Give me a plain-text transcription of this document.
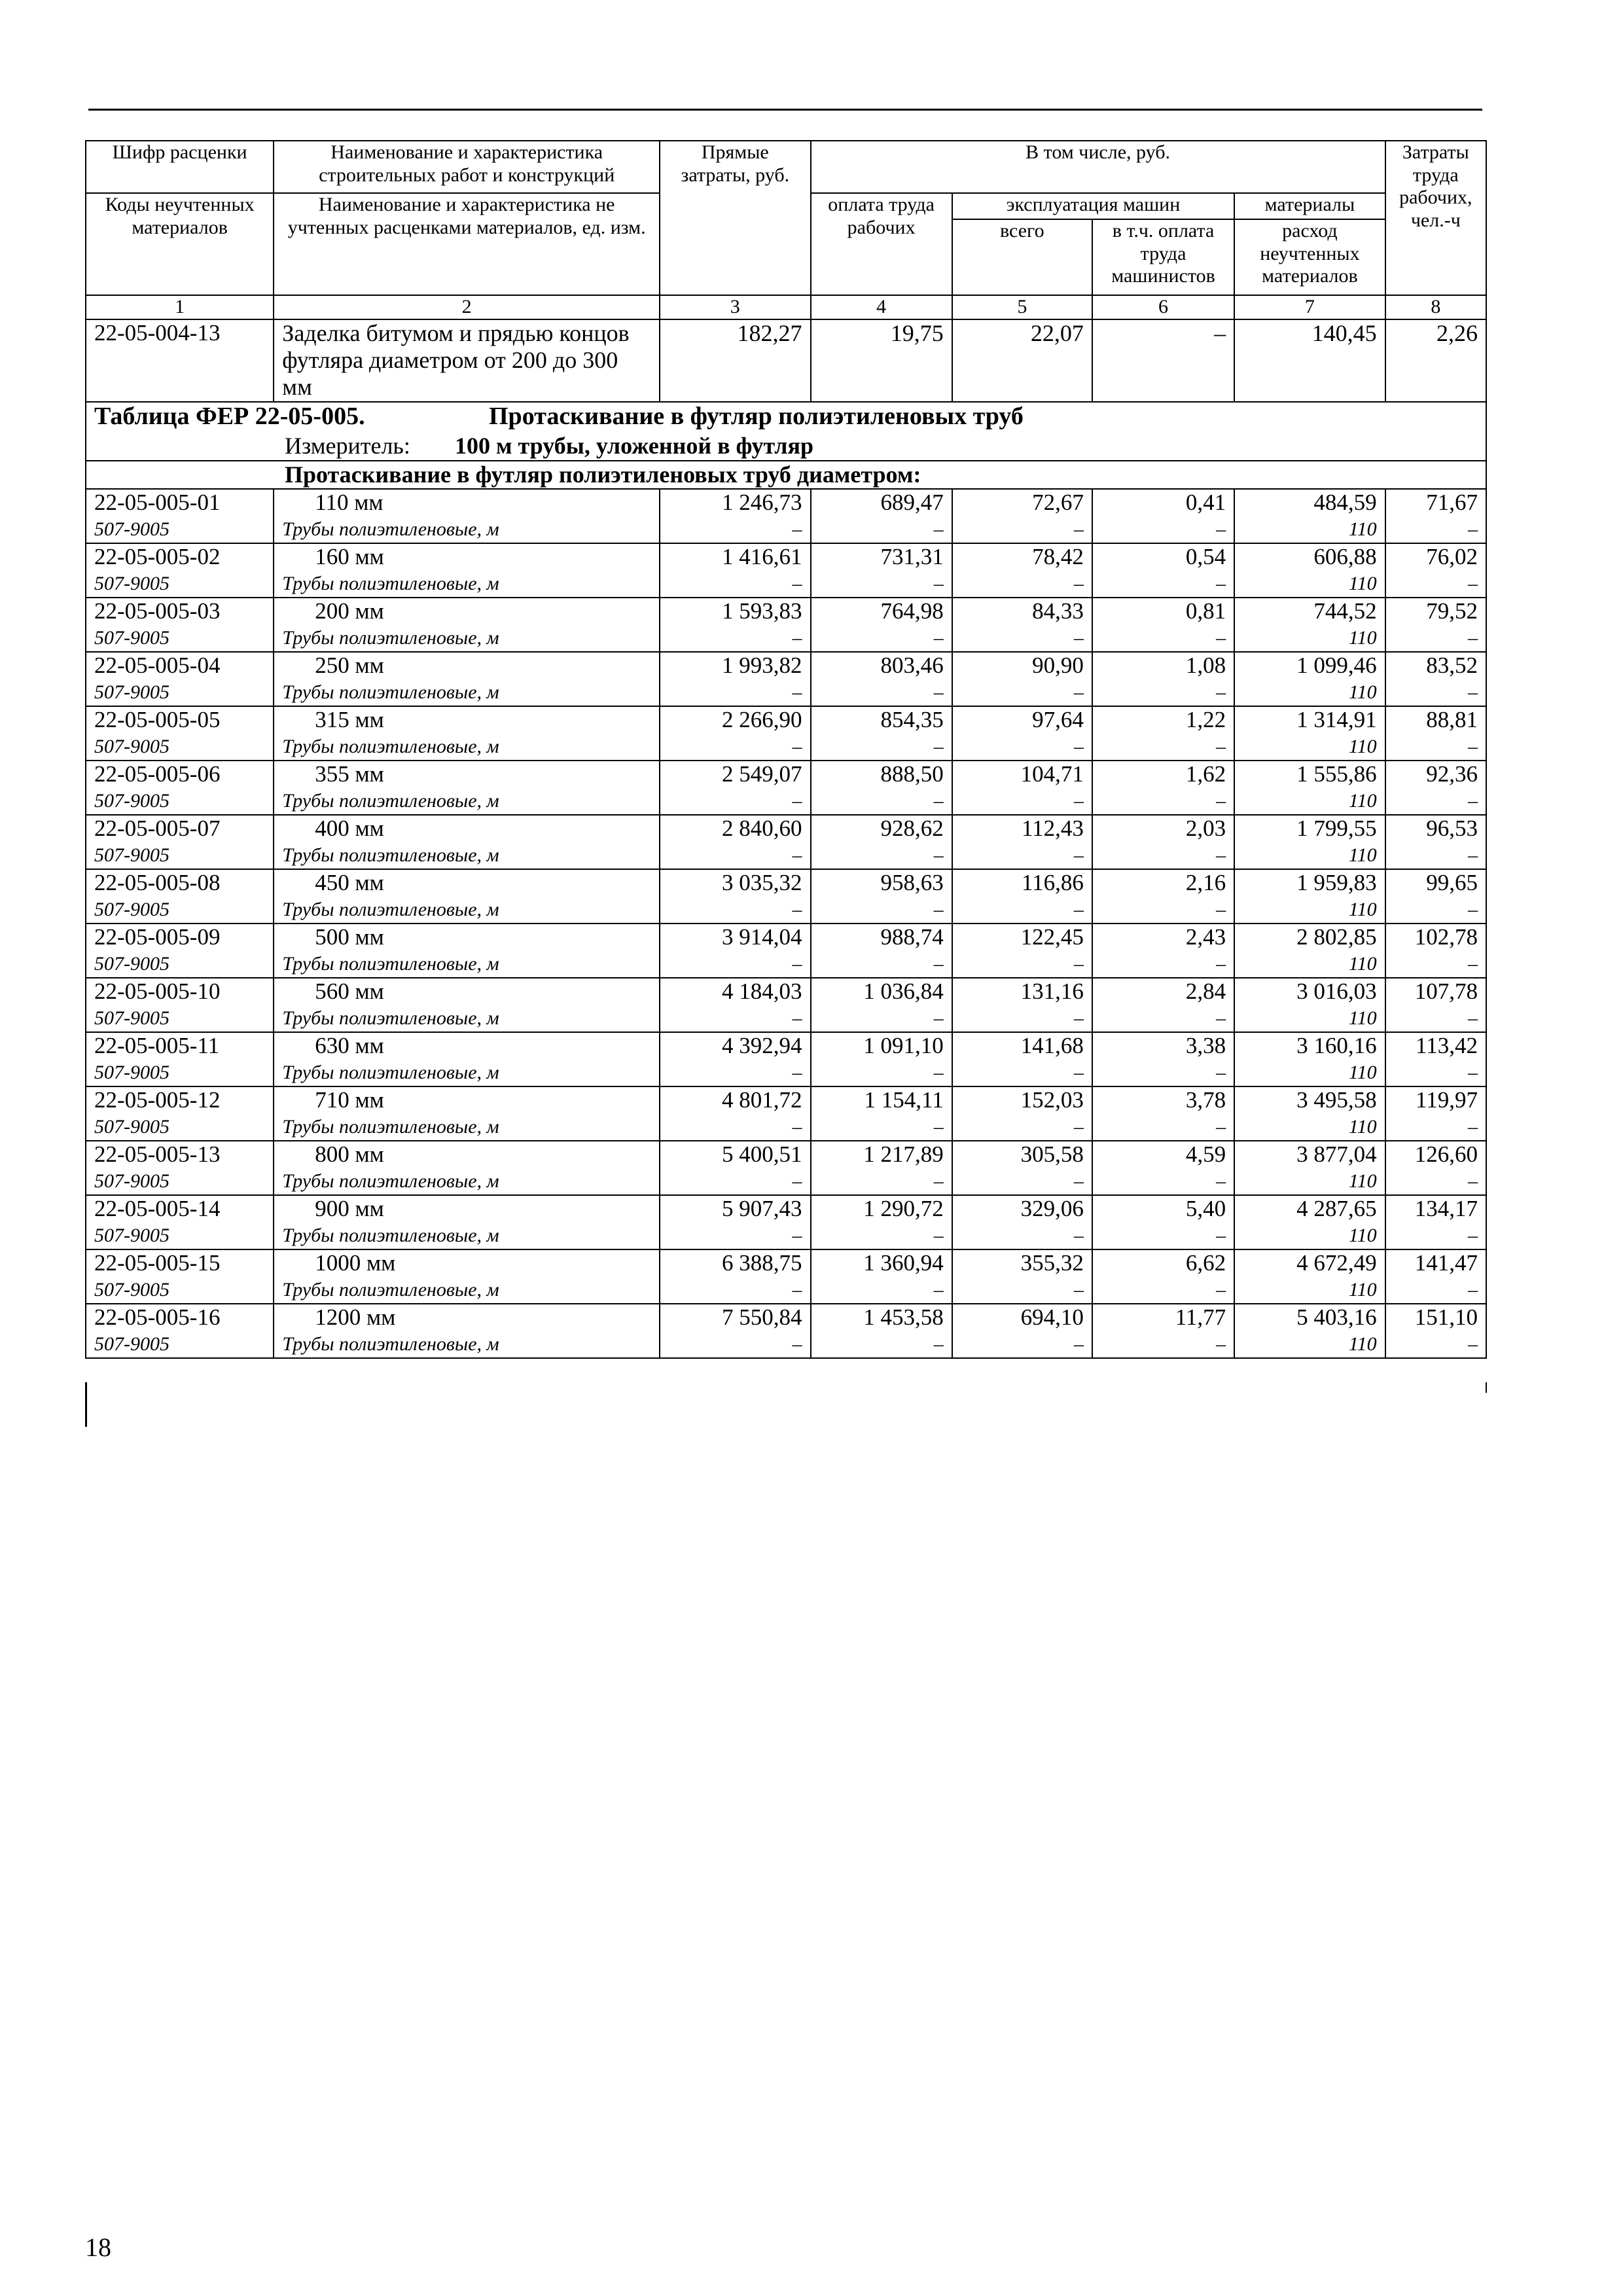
Шифр расценки	Наименование и характеристика строительных работ и конструкций	Прямые затраты, руб.	В том числе, руб.				Затраты труда рабочих, чел.-ч
Коды неучтенных материалов	Наименование и характеристика не учтенных расценками материалов, ед. изм.		оплата труда рабочих	эксплуатация машин		материалы	
				всего	в т.ч. оплата труда машинистов	расход неучтенных материалов	
1	2	3	4	5	6	7	8
22-05-004-13	Заделка битумом и прядью концов футляра диаметром от 200 до 300 мм	182,27	19,75	22,07	–	140,45	2,26

Таблица ФЕР 22-05-005. Протаскивание в футляр полиэтиленовых труб
Измеритель: 100 м трубы, уложенной в футляр							

Протаскивание в футляр полиэтиленовых труб диаметром:							
22-05-005-01	110 мм	1 246,73	689,47	72,67	0,41	484,59	71,67
507-9005	Трубы полиэтиленовые, м	–	–	–	–	110	–
22-05-005-02	160 мм	1 416,61	731,31	78,42	0,54	606,88	76,02
507-9005	Трубы полиэтиленовые, м	–	–	–	–	110	–
22-05-005-03	200 мм	1 593,83	764,98	84,33	0,81	744,52	79,52
507-9005	Трубы полиэтиленовые, м	–	–	–	–	110	–
22-05-005-04	250 мм	1 993,82	803,46	90,90	1,08	1 099,46	83,52
507-9005	Трубы полиэтиленовые, м	–	–	–	–	110	–
22-05-005-05	315 мм	2 266,90	854,35	97,64	1,22	1 314,91	88,81
507-9005	Трубы полиэтиленовые, м	–	–	–	–	110	–
22-05-005-06	355 мм	2 549,07	888,50	104,71	1,62	1 555,86	92,36
507-9005	Трубы полиэтиленовые, м	–	–	–	–	110	–
22-05-005-07	400 мм	2 840,60	928,62	112,43	2,03	1 799,55	96,53
507-9005	Трубы полиэтиленовые, м	–	–	–	–	110	–
22-05-005-08	450 мм	3 035,32	958,63	116,86	2,16	1 959,83	99,65
507-9005	Трубы полиэтиленовые, м	–	–	–	–	110	–
22-05-005-09	500 мм	3 914,04	988,74	122,45	2,43	2 802,85	102,78
507-9005	Трубы полиэтиленовые, м	–	–	–	–	110	–
22-05-005-10	560 мм	4 184,03	1 036,84	131,16	2,84	3 016,03	107,78
507-9005	Трубы полиэтиленовые, м	–	–	–	–	110	–
22-05-005-11	630 мм	4 392,94	1 091,10	141,68	3,38	3 160,16	113,42
507-9005	Трубы полиэтиленовые, м	–	–	–	–	110	–
22-05-005-12	710 мм	4 801,72	1 154,11	152,03	3,78	3 495,58	119,97
507-9005	Трубы полиэтиленовые, м	–	–	–	–	110	–
22-05-005-13	800 мм	5 400,51	1 217,89	305,58	4,59	3 877,04	126,60
507-9005	Трубы полиэтиленовые, м	–	–	–	–	110	–
22-05-005-14	900 мм	5 907,43	1 290,72	329,06	5,40	4 287,65	134,17
507-9005	Трубы полиэтиленовые, м	–	–	–	–	110	–
22-05-005-15	1000 мм	6 388,75	1 360,94	355,32	6,62	4 672,49	141,47
507-9005	Трубы полиэтиленовые, м	–	–	–	–	110	–
22-05-005-16	1200 мм	7 550,84	1 453,58	694,10	11,77	5 403,16	151,10
507-9005	Трубы полиэтиленовые, м	–	–	–	–	110	–
18
